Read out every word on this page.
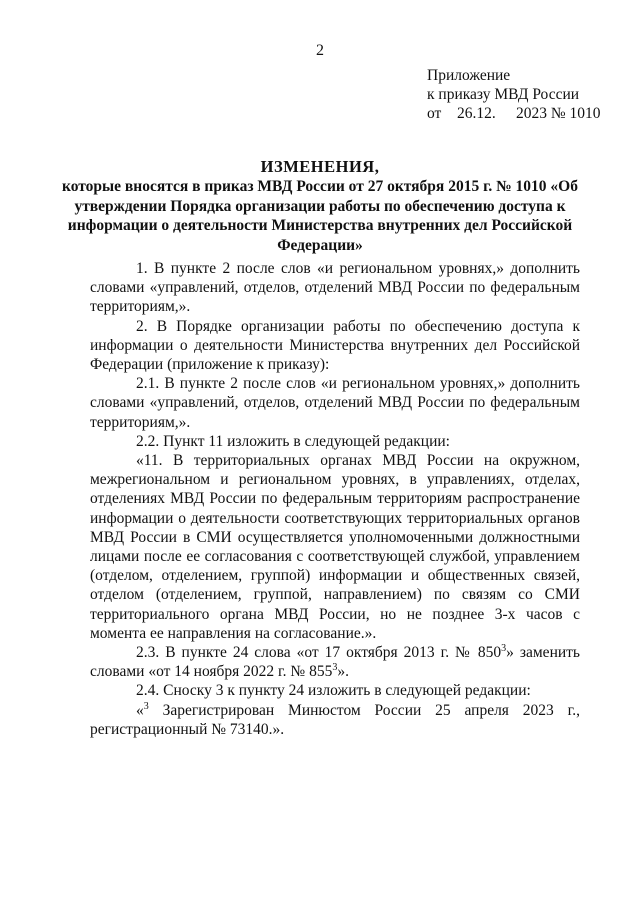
2
Приложение
к приказу МВД России
от 26.12. 2023 № 1010
ИЗМЕНЕНИЯ,
которые вносятся в приказ МВД России от 27 октября 2015 г. № 1010 «Об утверждении Порядка организации работы по обеспечению доступа к информации о деятельности Министерства внутренних дел Российской Федерации»

1. В пункте 2 после слов «и региональном уровнях,» дополнить словами «управлений, отделов, отделений МВД России по федеральным территориям,».

2. В Порядке организации работы по обеспечению доступа к информации о деятельности Министерства внутренних дел Российской Федерации (приложение к приказу):

2.1. В пункте 2 после слов «и региональном уровнях,» дополнить словами «управлений, отделов, отделений МВД России по федеральным территориям,».

2.2. Пункт 11 изложить в следующей редакции:

«11. В территориальных органах МВД России на окружном, межрегиональном и региональном уровнях, в управлениях, отделах, отделениях МВД России по федеральным территориям распространение информации о деятельности соответствующих территориальных органов МВД России в СМИ осуществляется уполномоченными должностными лицами после ее согласования с соответствующей службой, управлением (отделом, отделением, группой) информации и общественных связей, отделом (отделением, группой, направлением) по связям со СМИ территориального органа МВД России, но не позднее 3-х часов с момента ее направления на согласование.».

2.3. В пункте 24 слова «от 17 октября 2013 г. № $850^3$» заменить словами «от 14 ноября 2022 г. № $855^3$».

2.4. Сноску 3 к пункту 24 изложить в следующей редакции:

«$^3$ Зарегистрирован Минюстом России 25 апреля 2023 г., регистрационный № 73140.».
